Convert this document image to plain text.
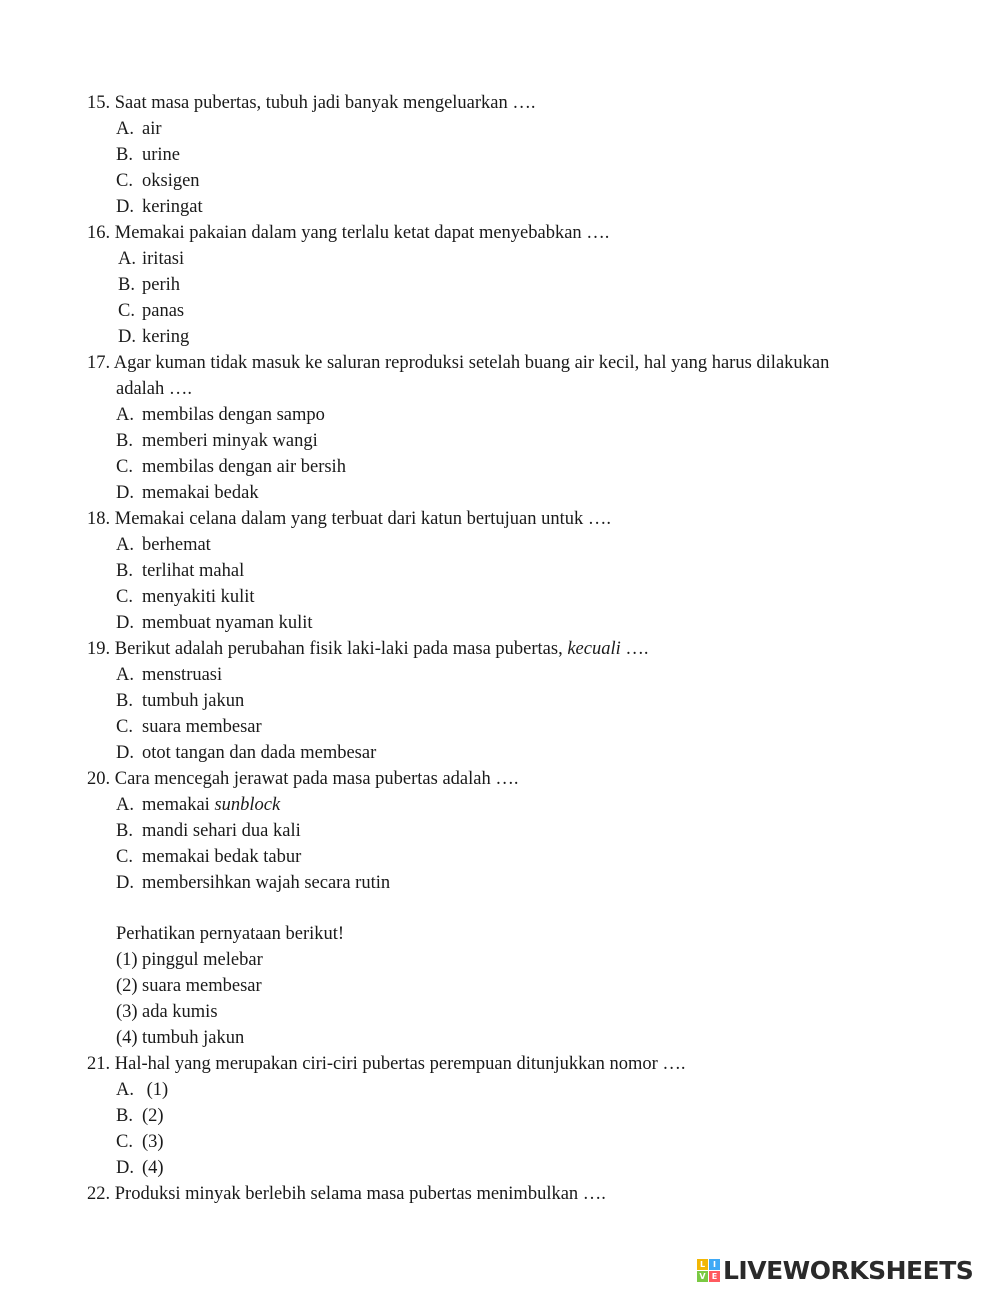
15. Saat masa pubertas, tubuh jadi banyak mengeluarkan ….
A. air
B. urine
C. oksigen
D. keringat
16. Memakai pakaian dalam yang terlalu ketat dapat menyebabkan ….
A. iritasi
B. perih
C. panas
D. kering
17. Agar kuman tidak masuk ke saluran reproduksi setelah buang air kecil, hal yang harus dilakukan
adalah ….
A. membilas dengan sampo
B. memberi minyak wangi
C. membilas dengan air bersih
D. memakai bedak
18. Memakai celana dalam yang terbuat dari katun bertujuan untuk ….
A. berhemat
B. terlihat mahal
C. menyakiti kulit
D. membuat nyaman kulit
19. Berikut adalah perubahan fisik laki-laki pada masa pubertas, kecuali ….
A. menstruasi
B. tumbuh jakun
C. suara membesar
D. otot tangan dan dada membesar
20. Cara mencegah jerawat pada masa pubertas adalah ….
A. memakai sunblock
B. mandi sehari dua kali
C. memakai bedak tabur
D. membersihkan wajah secara rutin
Perhatikan pernyataan berikut!
(1) pinggul melebar
(2) suara membesar
(3) ada kumis
(4) tumbuh jakun
21. Hal-hal yang merupakan ciri-ciri pubertas perempuan ditunjukkan nomor ….
A. (1)
B. (2)
C. (3)
D. (4)
22. Produksi minyak berlebih selama masa pubertas menimbulkan ….
L I
V E LIVEWORKSHEETS
